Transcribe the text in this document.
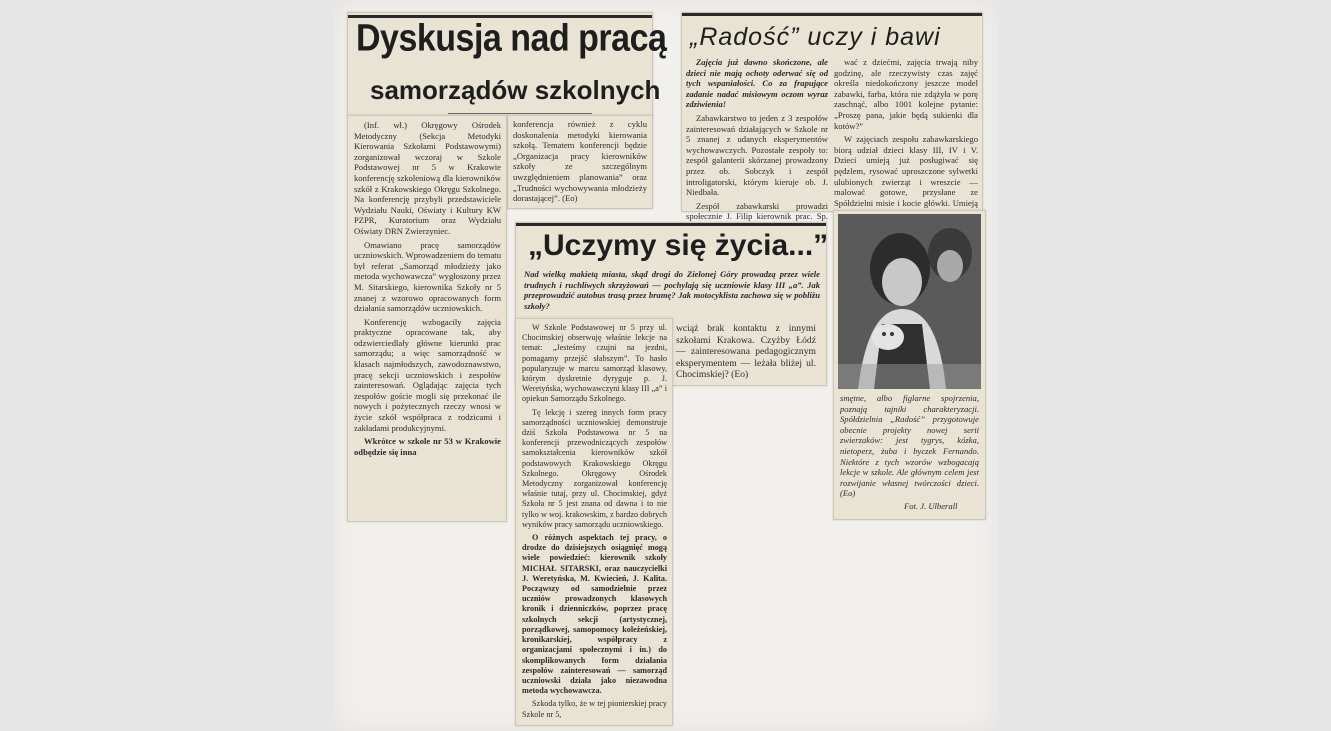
Dyskusja nad pracą
samorządów szkolnych
konferencja również z cyklu doskonalenia metodyki kierowania szkołą. Tematem konferencji będzie „Organizacja pracy kierowników szkoły ze szczególnym uwzględnieniem planowania” oraz „Trudności wychowywania młodzieży dorastającej”. (Eo)

(Inf. wł.) Okręgowy Ośrodek Metodyczny (Sekcja Metodyki Kierowania Szkołami Podstawowymi) zorganizował wczoraj w Szkole Podstawowej nr 5 w Krakowie konferencję szkoleniową dla kierowników szkół z Krakowskiego Okręgu Szkolnego. Na konferencję przybyli przedstawiciele Wydziału Nauki, Oświaty i Kultury KW PZPR, Kuratorium oraz Wydziału Oświaty DRN Zwierzyniec.

Omawiano pracę samorządów uczniowskich. Wprowadzeniem do tematu był referat „Samorząd młodzieży jako metoda wychowawcza” wygłoszony przez M. Sitarskiego, kierownika Szkoły nr 5 znanej z wzorowo opracowanych form działania samorządów uczniowskich.

Konferencję wzbogaciły zajęcia praktyczne opracowane tak, aby odzwierciedlały główne kierunki prac samorządu; a więc samorządność w klasach najmłodszych, zawodoznawstwo, pracę sekcji uczniowskich i zespołów zainteresowań. Oglądając zajęcia tych zespołów goście mogli się przekonać ile nowych i pożytecznych rzeczy wnosi w życie szkół współpraca z rodzicami i zakładami produkcyjnymi.

Wkrótce w szkole nr 53 w Krakowie odbędzie się inna

„Radość” uczy i bawi

Zajęcia już dawno skończone, ale dzieci nie mają ochoty oderwać się od tych wspaniałości. Co za frapujące zadanie nadać misiowym oczom wyraz zdziwienia!

Zabawkarstwo to jeden z 3 zespołów zainteresowań działających w Szkole nr 5 znanej z udanych eksperymentów wychowawczych. Pozostałe zespoły to: zespół galanterii skórzanej prowadzony przez ob. Sobczyk i zespół introligatorski, którym kieruje ob. J. Niedbała.

Zespół zabawkarski prowadzi społecznie J. Filip kierownik prac. Sp.

wać z dziećmi, zajęcia trwają niby godzinę, ale rzeczywisty czas zajęć określa niedokończony jeszcze model zabawki, farba, która nie zdążyła w porę zaschnąć, albo 1001 kolejne pytanie: „Proszę pana, jakie będą sukienki dla kotów?”

W zajęciach zespołu zabawkarskiego biorą udział dzieci klasy III, IV i V. Dzieci umieją już posługiwać się pędzlem, rysować uproszczone sylwetki ulubionych zwierząt i wreszcie — malować gotowe, przysłane ze Spółdzielni misie i kocie główki. Umieją

smętne, albo figlarne spojrzenia, poznają tajniki charakteryzacji. Spółdzielnia „Radość” przygotowuje obecnie projekty nowej serii zwierzaków: jest tygrys, kózka, nietoperz, żuba i byczek Fernando. Niektóre z tych wzorów wzbogacają lekcje w szkole. Ale głównym celem jest rozwijanie własnej twórczości dzieci. (Eo)
Fot. J. Ulberall
„Uczymy się życia...”
Nad wielką makietą miasta, skąd drogi do Zielonej Góry prowadzą przez wiele trudnych i ruchliwych skrzyżowań — pochylają się uczniowie klasy III „a”. Jak przeprowadzić autobus trasą przez bramę? Jak motocyklista zachowa się w pobliżu szkoły?
wciąż brak kontaktu z innymi szkołami Krakowa. Czyżby Łódź — zainteresowana pedagogicznym eksperymentem — leżała bliżej ul. Chocimskiej? (Eo)

W Szkole Podstawowej nr 5 przy ul. Chocimskiej obserwuję właśnie lekcje na temat: „Jesteśmy czujni na jezdni, pomagamy przejść słabszym”. To hasło popularyzuje w marcu samorząd klasowy, którym dyskretnie dyryguje p. J. Weretyńska, wychowawczyni klasy III „a” i opiekun Samorządu Szkolnego.

Tę lekcję i szereg innych form pracy samorządności uczniowskiej demonstruje dziś Szkoła Podstawowa nr 5 na konferencji przewodniczących zespołów samokształcenia kierowników szkół podstawowych Krakowskiego Okręgu Szkolnego. Okręgowy Ośrodek Metodyczny zorganizował konferencję właśnie tutaj, przy ul. Chocimskiej, gdyż Szkoła nr 5 jest znana od dawna i to nie tylko w woj. krakowskim, z bardzo dobrych wyników pracy samorządu uczniowskiego.

O różnych aspektach tej pracy, o drodze do dzisiejszych osiągnięć mogą wiele powiedzieć: kierownik szkoły MICHAŁ SITARSKI, oraz nauczycielki J. Weretyńska, M. Kwiecień, J. Kalita. Począwszy od samodzielnie przez uczniów prowadzonych klasowych kronik i dzienniczków, poprzez pracę szkolnych sekcji (artystycznej, porządkowej, samopomocy koleżeńskiej, kronikarskiej, współpracy z organizacjami społecznymi i in.) do skomplikowanych form działania zespołów zainteresowań — samorząd uczniowski działa jako niezawodna metoda wychowawcza.

Szkoda tylko, że w tej pionierskiej pracy Szkole nr 5,
